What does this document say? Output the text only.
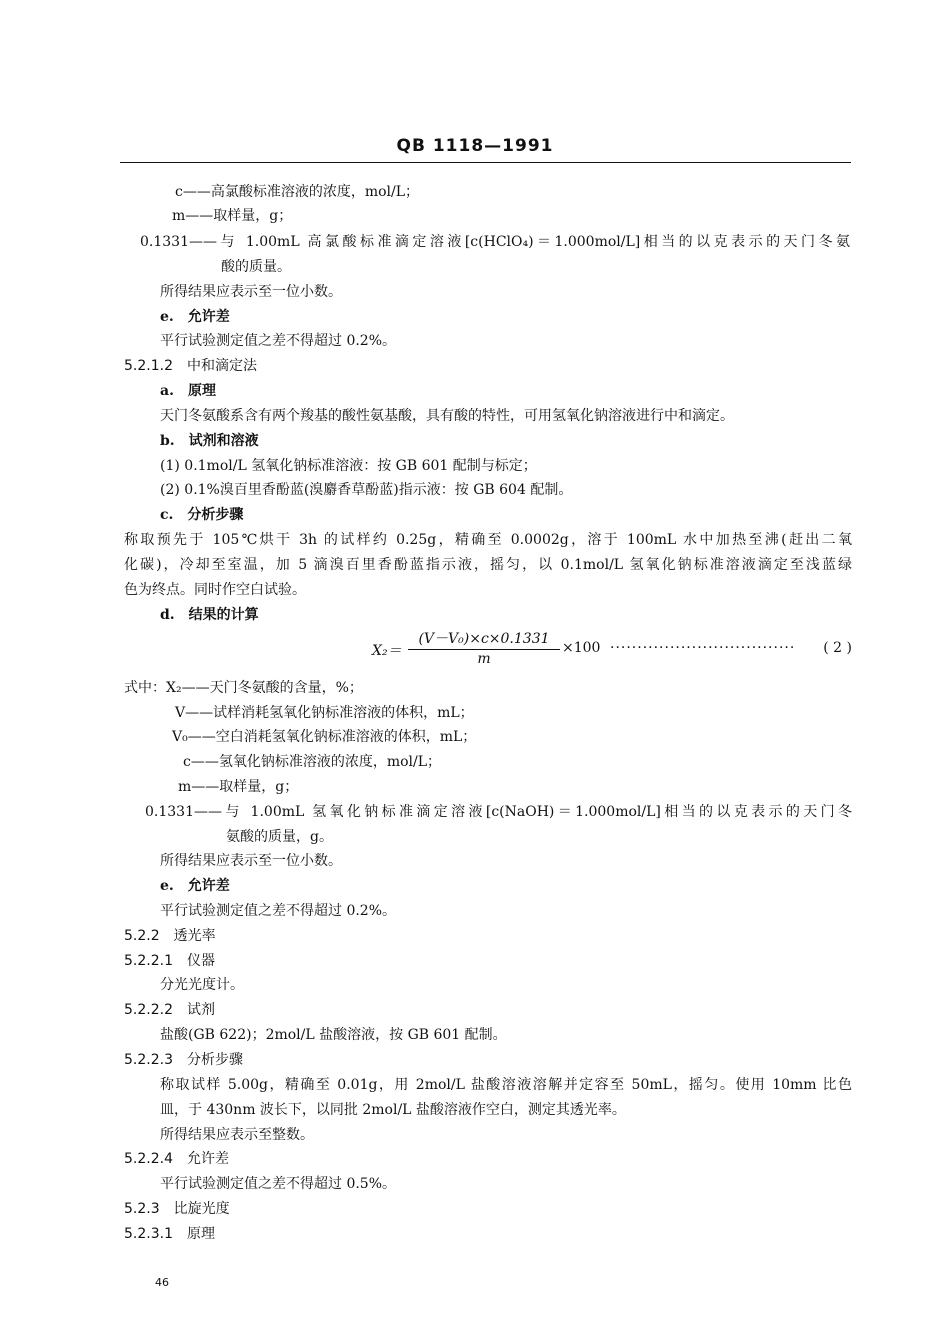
QB 1118—1991
c——高氯酸标准溶液的浓度，mol/L；
m——取样量，g；
0.1331——与 1.00mL 高氯酸标准滴定溶液[c(HClO₄)＝1.000mol/L]相当的以克表示的天门冬氨
酸的质量。
所得结果应表示至一位小数。
e.　允许差
平行试验测定值之差不得超过 0.2%。
5.2.1.2　中和滴定法
a.　原理
天门冬氨酸系含有两个羧基的酸性氨基酸，具有酸的特性，可用氢氧化钠溶液进行中和滴定。
b.　试剂和溶液
(1) 0.1mol/L 氢氧化钠标准溶液：按 GB 601 配制与标定；
(2) 0.1%溴百里香酚蓝(溴麝香草酚蓝)指示液：按 GB 604 配制。
c.　分析步骤
称取预先于 105℃烘干 3h 的试样约 0.25g，精确至 0.0002g，溶于 100mL 水中加热至沸(赶出二氧
化碳)，冷却至室温，加 5 滴溴百里香酚蓝指示液，摇匀，以 0.1mol/L 氢氧化钠标准溶液滴定至浅蓝绿
色为终点。同时作空白试验。
d.　结果的计算
$X_2= \frac{\text{(V－V₀)×c×0.1331}}{m} \times 100$ ·································· ( 2 )
式中：X₂——天门冬氨酸的含量，%；
V——试样消耗氢氧化钠标准溶液的体积，mL；
V₀——空白消耗氢氧化钠标准溶液的体积，mL；
c——氢氧化钠标准溶液的浓度，mol/L；
m——取样量，g；
0.1331——与 1.00mL 氢氧化钠标准滴定溶液[c(NaOH)＝1.000mol/L]相当的以克表示的天门冬
氨酸的质量，g。
所得结果应表示至一位小数。
e.　允许差
平行试验测定值之差不得超过 0.2%。
5.2.2　透光率
5.2.2.1　仪器
分光光度计。
5.2.2.2　试剂
盐酸(GB 622)；2mol/L 盐酸溶液，按 GB 601 配制。
5.2.2.3　分析步骤
称取试样 5.00g，精确至 0.01g，用 2mol/L 盐酸溶液溶解并定容至 50mL，摇匀。使用 10mm 比色
皿，于 430nm 波长下，以同批 2mol/L 盐酸溶液作空白，测定其透光率。
所得结果应表示至整数。
5.2.2.4　允许差
平行试验测定值之差不得超过 0.5%。
5.2.3　比旋光度
5.2.3.1　原理
46
